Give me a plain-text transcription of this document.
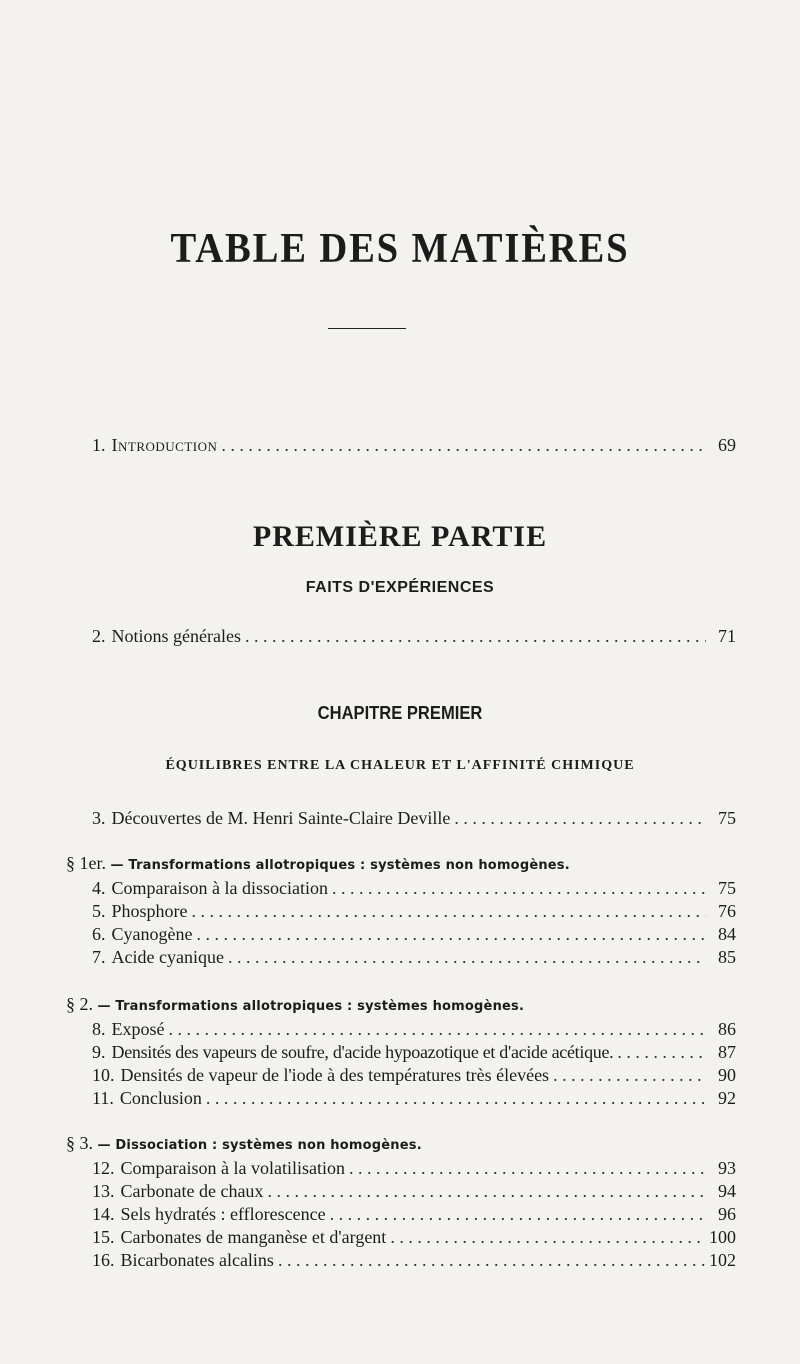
TABLE DES MATIÈRES
1. Introduction . . .	69
PREMIÈRE PARTIE
FAITS D'EXPÉRIENCES
2. Notions générales . . .	71
CHAPITRE PREMIER
ÉQUILIBRES ENTRE LA CHALEUR ET L'AFFINITÉ CHIMIQUE
3. Découvertes de M. Henri Sainte-Claire Deville . . .	75
§ 1er. — Transformations allotropiques : systèmes non homogènes.
4. Comparaison à la dissociation . . .	75
5. Phosphore . . .	76
6. Cyanogène . . .	84
7. Acide cyanique . . .	85
§ 2. — Transformations allotropiques : systèmes homogènes.
8. Exposé . . .	86
9. Densités des vapeurs de soufre, d'acide hypoazotique et d'acide acétique. . . .	87
10. Densités de vapeur de l'iode à des températures très élevées . . .	90
11. Conclusion . . .	92
§ 3. — Dissociation : systèmes non homogènes.
12. Comparaison à la volatilisation . . .	93
13. Carbonate de chaux . . .	94
14. Sels hydratés : efflorescence . . .	96
15. Carbonates de manganèse et d'argent . . .	100
16. Bicarbonates alcalins . . .	102
